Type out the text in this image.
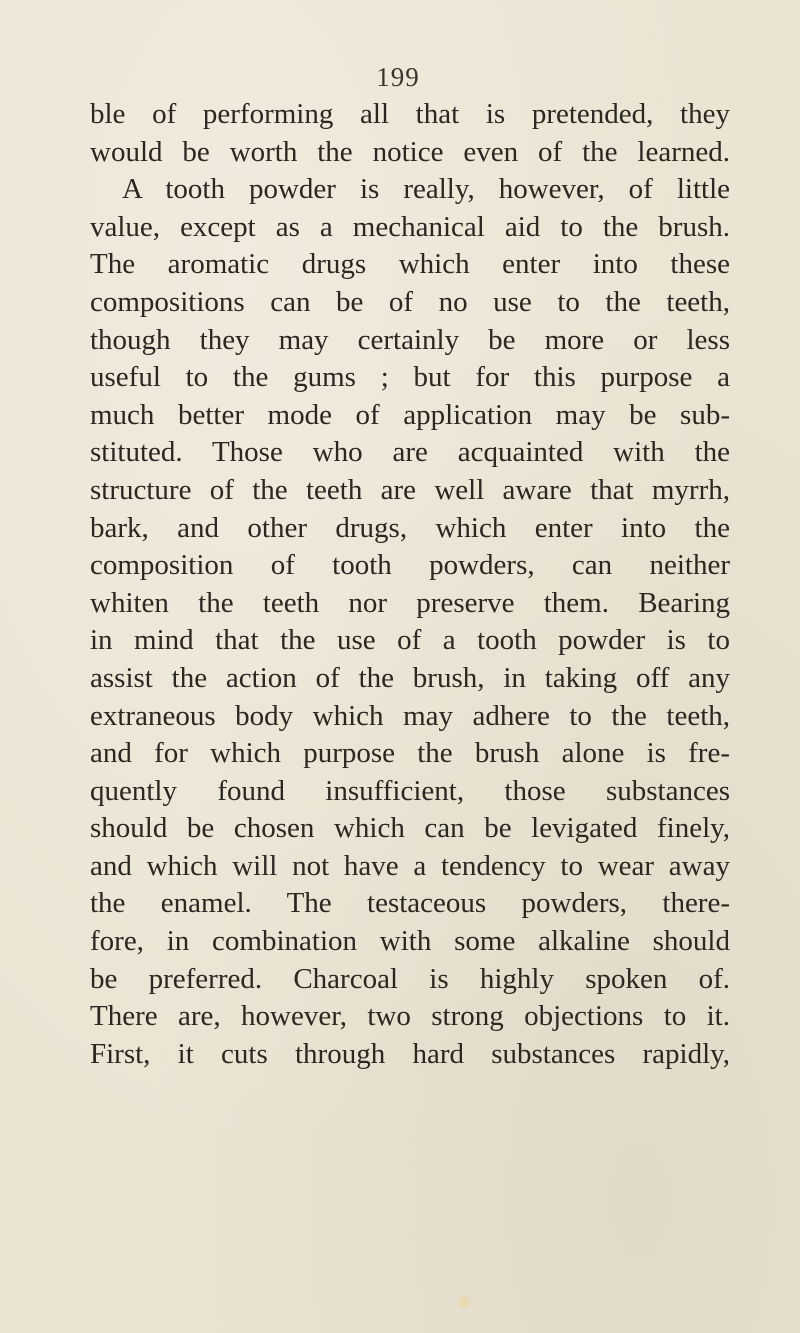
199
ble of performing all that is pretended, they
would be worth the notice even of the learned.
A tooth powder is really, however, of little
value, except as a mechanical aid to the brush.
The aromatic drugs which enter into these
compositions can be of no use to the teeth,
though they may certainly be more or less
useful to the gums ; but for this purpose a
much better mode of application may be sub-
stituted. Those who are acquainted with the
structure of the teeth are well aware that myrrh,
bark, and other drugs, which enter into the
composition of tooth powders, can neither
whiten the teeth nor preserve them. Bearing
in mind that the use of a tooth powder is to
assist the action of the brush, in taking off any
extraneous body which may adhere to the teeth,
and for which purpose the brush alone is fre-
quently found insufficient, those substances
should be chosen which can be levigated finely,
and which will not have a tendency to wear away
the enamel. The testaceous powders, there-
fore, in combination with some alkaline should
be preferred. Charcoal is highly spoken of.
There are, however, two strong objections to it.
First, it cuts through hard substances rapidly,
